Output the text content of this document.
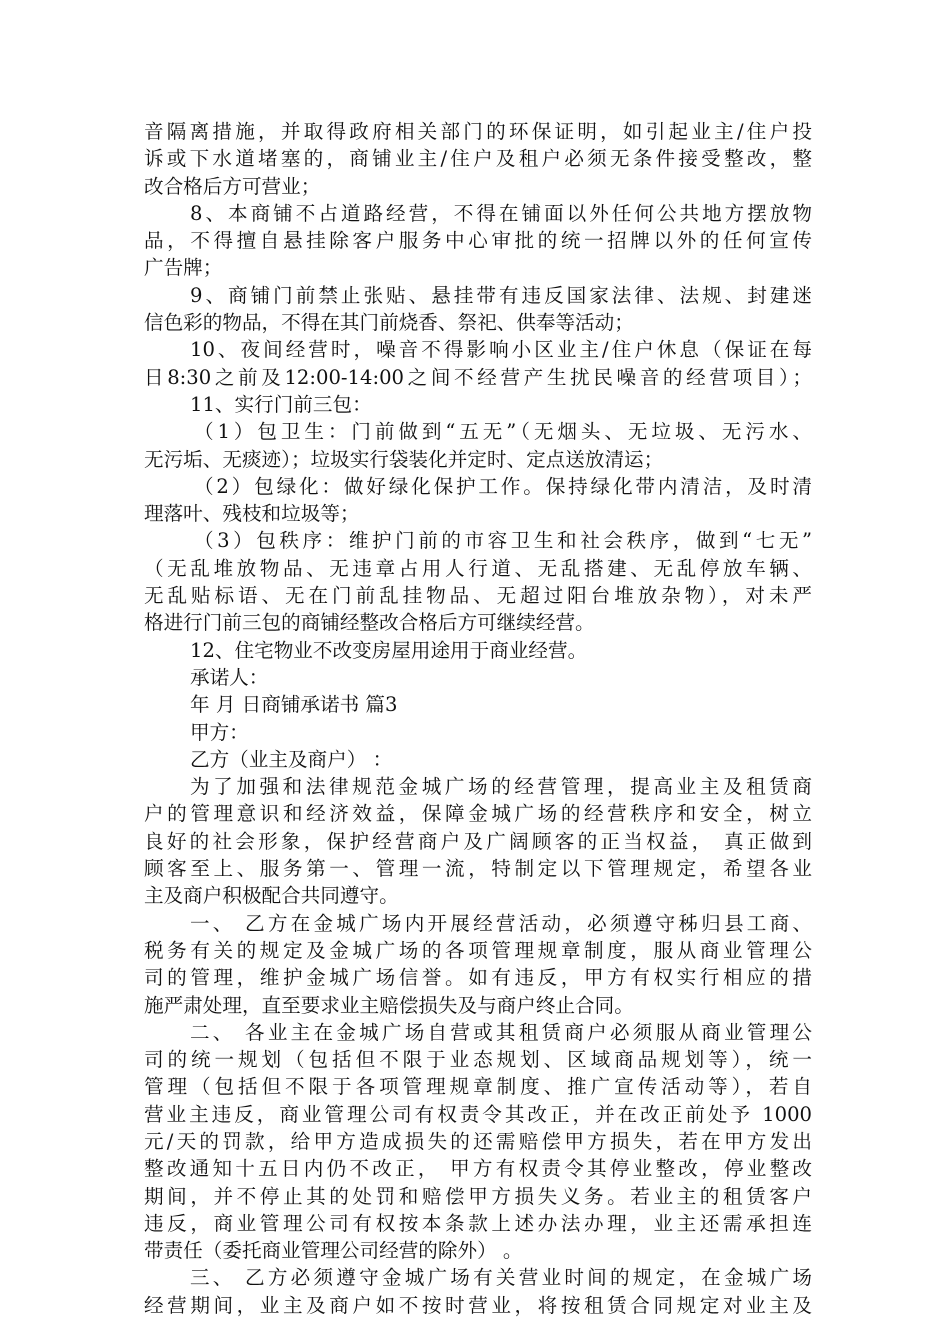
音隔离措施，并取得政府相关部门的环保证明，如引起业主/住户投
诉或下水道堵塞的，商铺业主/住户及租户必须无条件接受整改，整
改合格后方可营业；
8、本商铺不占道路经营，不得在铺面以外任何公共地方摆放物
品，不得擅自悬挂除客户服务中心审批的统一招牌以外的任何宣传
广告牌；
9、商铺门前禁止张贴、悬挂带有违反国家法律、法规、封建迷
信色彩的物品，不得在其门前烧香、祭祀、供奉等活动；
10、夜间经营时，噪音不得影响小区业主/住户休息（保证在每
日8:30之前及12:00-14:00之间不经营产生扰民噪音的经营项目）；
11、实行门前三包：
（1）包卫生：门前做到“五无”（无烟头、无垃圾、无污水、
无污垢、无痰迹）；垃圾实行袋装化并定时、定点送放清运；
（2）包绿化：做好绿化保护工作。保持绿化带内清洁，及时清
理落叶、残枝和垃圾等；
（3）包秩序：维护门前的市容卫生和社会秩序，做到“七无”
（无乱堆放物品、无违章占用人行道、无乱搭建、无乱停放车辆、
无乱贴标语、无在门前乱挂物品、无超过阳台堆放杂物），对未严
格进行门前三包的商铺经整改合格后方可继续经营。
12、住宅物业不改变房屋用途用于商业经营。
承诺人：
年 月 日商铺承诺书 篇3
甲方：
乙方（业主及商户） ：
为了加强和法律规范金城广场的经营管理，提高业主及租赁商
户的管理意识和经济效益，保障金城广场的经营秩序和安全，树立
良好的社会形象，保护经营商户及广阔顾客的正当权益， 真正做到
顾客至上、服务第一、管理一流，特制定以下管理规定，希望各业
主及商户积极配合共同遵守。
一、 乙方在金城广场内开展经营活动，必须遵守秭归县工商、
税务有关的规定及金城广场的各项管理规章制度，服从商业管理公
司的管理，维护金城广场信誉。如有违反，甲方有权实行相应的措
施严肃处理，直至要求业主赔偿损失及与商户终止合同。
二、 各业主在金城广场自营或其租赁商户必须服从商业管理公
司的统一规划（包括但不限于业态规划、区域商品规划等），统一
管理（包括但不限于各项管理规章制度、推广宣传活动等），若自
营业主违反，商业管理公司有权责令其改正，并在改正前处予 1000
元/天的罚款，给甲方造成损失的还需赔偿甲方损失，若在甲方发出
整改通知十五日内仍不改正， 甲方有权责令其停业整改，停业整改
期间，并不停止其的处罚和赔偿甲方损失义务。若业主的租赁客户
违反，商业管理公司有权按本条款上述办法办理，业主还需承担连
带责任（委托商业管理公司经营的除外） 。
三、 乙方必须遵守金城广场有关营业时间的规定，在金城广场
经营期间，业主及商户如不按时营业，将按租赁合同规定对业主及
